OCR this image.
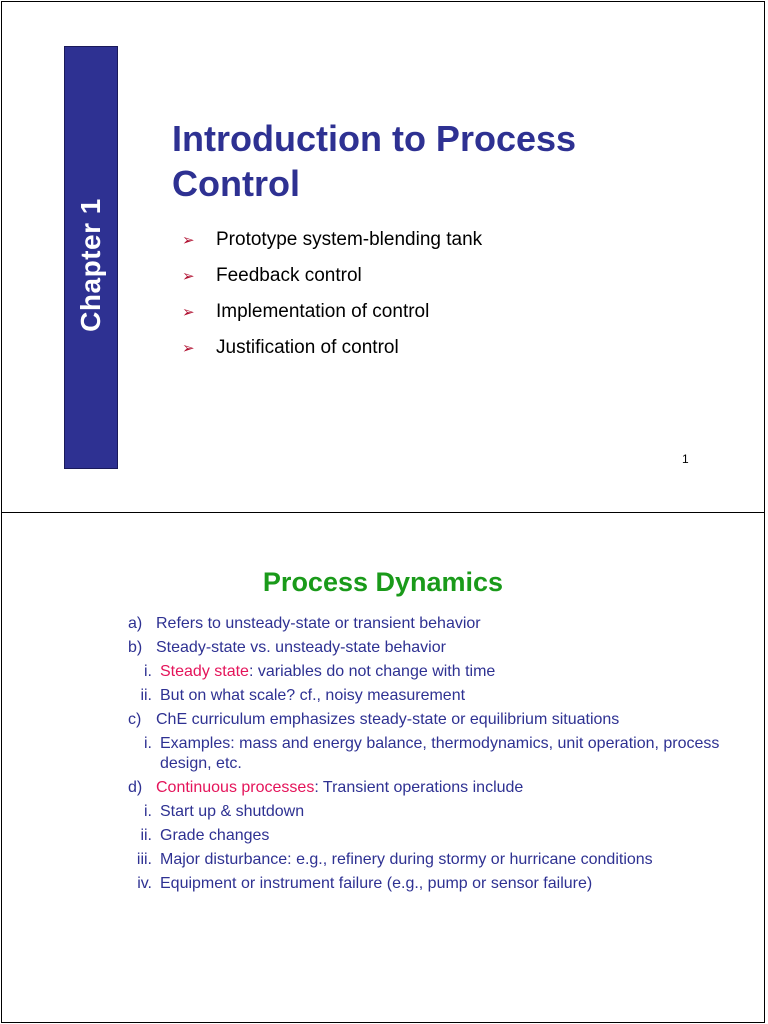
Chapter 1
Introduction to Process Control
➢	Prototype system-blending tank
➢	Feedback control
➢	Implementation of control
➢	Justification of control
1
Process Dynamics
a) Refers to unsteady-state or transient behavior
b) Steady-state vs. unsteady-state behavior
i. Steady state: variables do not change with time
ii. But on what scale? cf., noisy measurement
c) ChE curriculum emphasizes steady-state or equilibrium situations
i. Examples: mass and energy balance, thermodynamics, unit operation, process design, etc.
d) Continuous processes: Transient operations include
i. Start up & shutdown
ii. Grade changes
iii. Major disturbance: e.g., refinery during stormy or hurricane conditions
iv. Equipment or instrument failure (e.g., pump or sensor failure)
